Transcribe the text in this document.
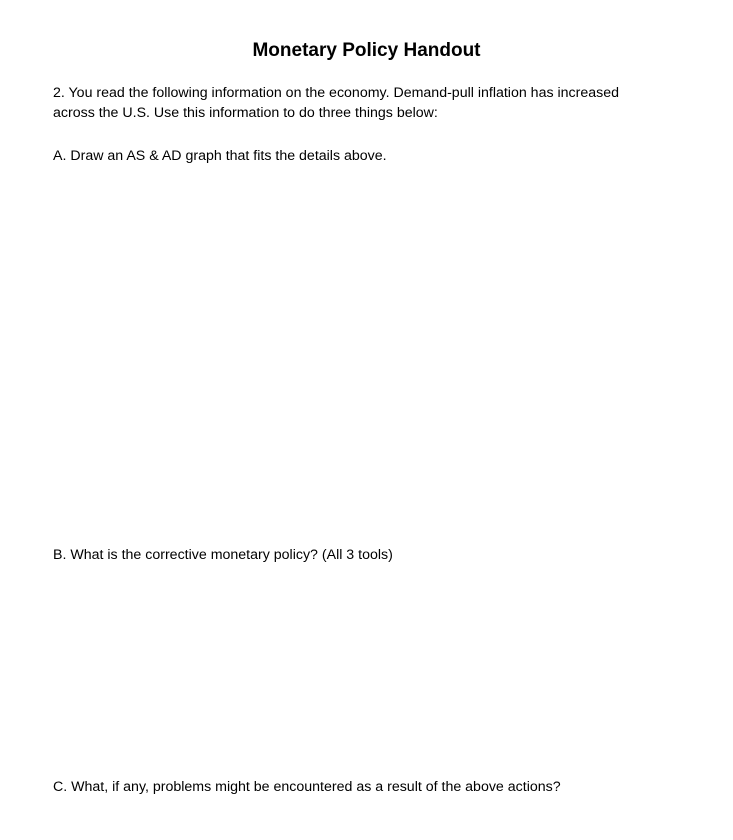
Monetary Policy Handout
2. You read the following information on the economy. Demand-pull inflation has increased
across the U.S. Use this information to do three things below:
A. Draw an AS & AD graph that fits the details above.
B. What is the corrective monetary policy? (All 3 tools)
C. What, if any, problems might be encountered as a result of the above actions?
